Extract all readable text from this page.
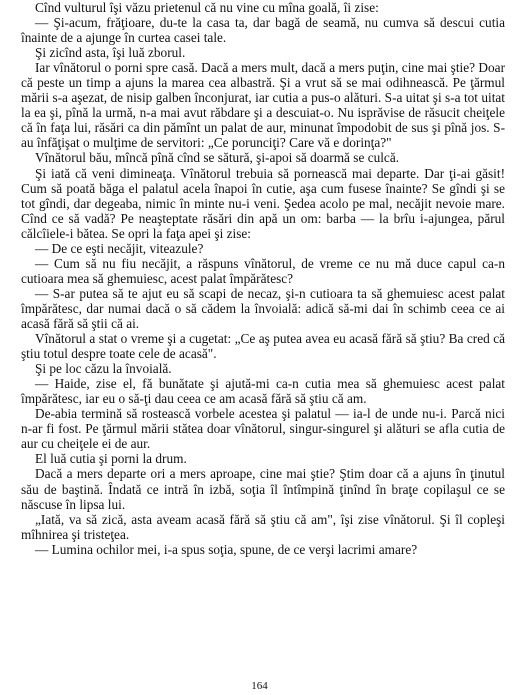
Cînd vulturul îşi văzu prietenul că nu vine cu mîna goală, îi zise:

— Şi-acum, frăţioare, du-te la casa ta, dar bagă de seamă, nu cumva să descui cutia înainte de a ajunge în curtea casei tale.

Şi zicînd asta, îşi luă zborul.

Iar vînătorul o porni spre casă. Dacă a mers mult, dacă a mers puţin, cine mai ştie? Doar că peste un timp a ajuns la marea cea albastră. Şi a vrut să se mai odihnească. Pe ţărmul mării s-a aşezat, de nisip galben înconjurat, iar cutia a pus-o alături. S-a uitat şi s-a tot uitat la ea şi, pînă la urmă, n-a mai avut răbdare şi a descuiat-o. Nu isprăvise de răsucit cheiţele că în faţa lui, răsări ca din pămînt un palat de aur, minunat împodobit de sus şi pînă jos. S-au înfăţişat o mulţime de servitori: „Ce porunciţi? Care vă e dorinţa?"

Vînătorul bău, mîncă pînă cînd se sătură, şi-apoi să doarmă se culcă.

Şi iată că veni dimineaţa. Vînătorul trebuia să pornească mai departe. Dar ţi-ai găsit! Cum să poată băga el palatul acela înapoi în cutie, aşa cum fusese înainte? Se gîndi şi se tot gîndi, dar degeaba, nimic în minte nu-i veni. Şedea acolo pe mal, necăjit nevoie mare. Cînd ce să vadă? Pe neaşteptate răsări din apă un om: barba — la brîu i-ajungea, părul călcîiele-i bătea. Se opri la faţa apei şi zise:

— De ce eşti necăjit, viteazule?

— Cum să nu fiu necăjit, a răspuns vînătorul, de vreme ce nu mă duce capul ca-n cutioara mea să ghemuiesc, acest palat împărătesc?

— S-ar putea să te ajut eu să scapi de necaz, şi-n cutioara ta să ghemuiesc acest palat împărătesc, dar numai dacă o să cădem la învoială: adică să-mi dai în schimb ceea ce ai acasă fără să ştii că ai.

Vînătorul a stat o vreme şi a cugetat: „Ce aş putea avea eu acasă fără să ştiu? Ba cred că ştiu totul despre toate cele de acasă".

Şi pe loc căzu la învoială.

— Haide, zise el, fă bunătate şi ajută-mi ca-n cutia mea să ghemuiesc acest palat împărătesc, iar eu o să-ţi dau ceea ce am acasă fără să ştiu că am.

De-abia termină să rostească vorbele acestea şi palatul — ia-l de unde nu-i. Parcă nici n-ar fi fost. Pe ţărmul mării stătea doar vînătorul, singur-singurel şi alături se afla cutia de aur cu cheiţele ei de aur.

El luă cutia şi porni la drum.

Dacă a mers departe ori a mers aproape, cine mai ştie? Ştim doar că a ajuns în ţinutul său de baştină. Îndată ce intră în izbă, soţia îl întîmpină ţinînd în braţe copilaşul ce se născuse în lipsa lui.

„Iată, va să zică, asta aveam acasă fără să ştiu că am", îşi zise vînătorul. Şi îl copleşi mîhnirea şi tristeţea.

— Lumina ochilor mei, i-a spus soţia, spune, de ce verşi lacrimi amare?

164
